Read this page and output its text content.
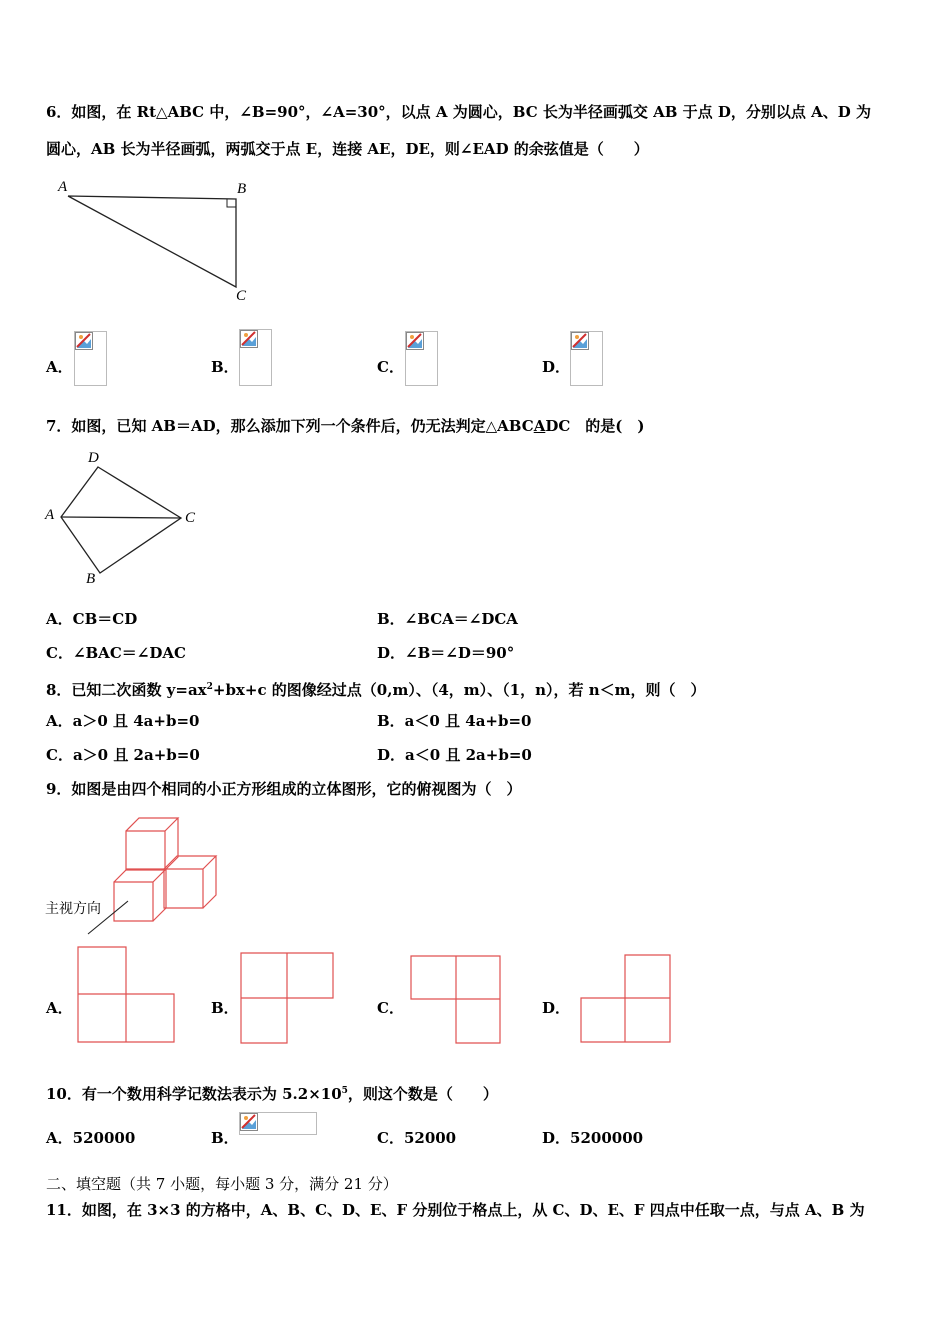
6．如图，在 Rt△ABC 中，∠B=90°，∠A=30°，以点 A 为圆心，BC 长为半径画弧交 AB 于点 D，分别以点 A、D 为
圆心，AB 长为半径画弧，两弧交于点 E，连接 AE，DE，则∠EAD 的余弦值是（　　）
A	B
C
A．	B．	C．	D．
7．如图，已知 AB＝AD，那么添加下列一个条件后，仍无法判定△ABCADC　的是(　)
D
A	C
B
A．CB＝CD	B．∠BCA＝∠DCA
C．∠BAC＝∠DAC	D．∠B＝∠D＝90°
8．已知二次函数 $y=ax^2+bx+c$ 的图像经过点（0,m）、（4，m）、（1，n），若 n＜m，则（　）
A．a＞0 且 4a+b=0	B．a＜0 且 4a+b=0
C．a＞0 且 2a+b=0	D．a＜0 且 2a+b=0
9．如图是由四个相同的小正方形组成的立体图形，它的俯视图为（　）
主视方向
A．	B．	C．	D．
10．有一个数用科学记数法表示为 $5.2\times 10^5$，则这个数是（　　）
A．520000	B．	C．52000	D．5200000
二、填空题（共 7 小题，每小题 3 分，满分 21 分）
11．如图，在 3×3 的方格中，A、B、C、D、E、F 分别位于格点上，从 C、D、E、F 四点中任取一点，与点 A、B 为
